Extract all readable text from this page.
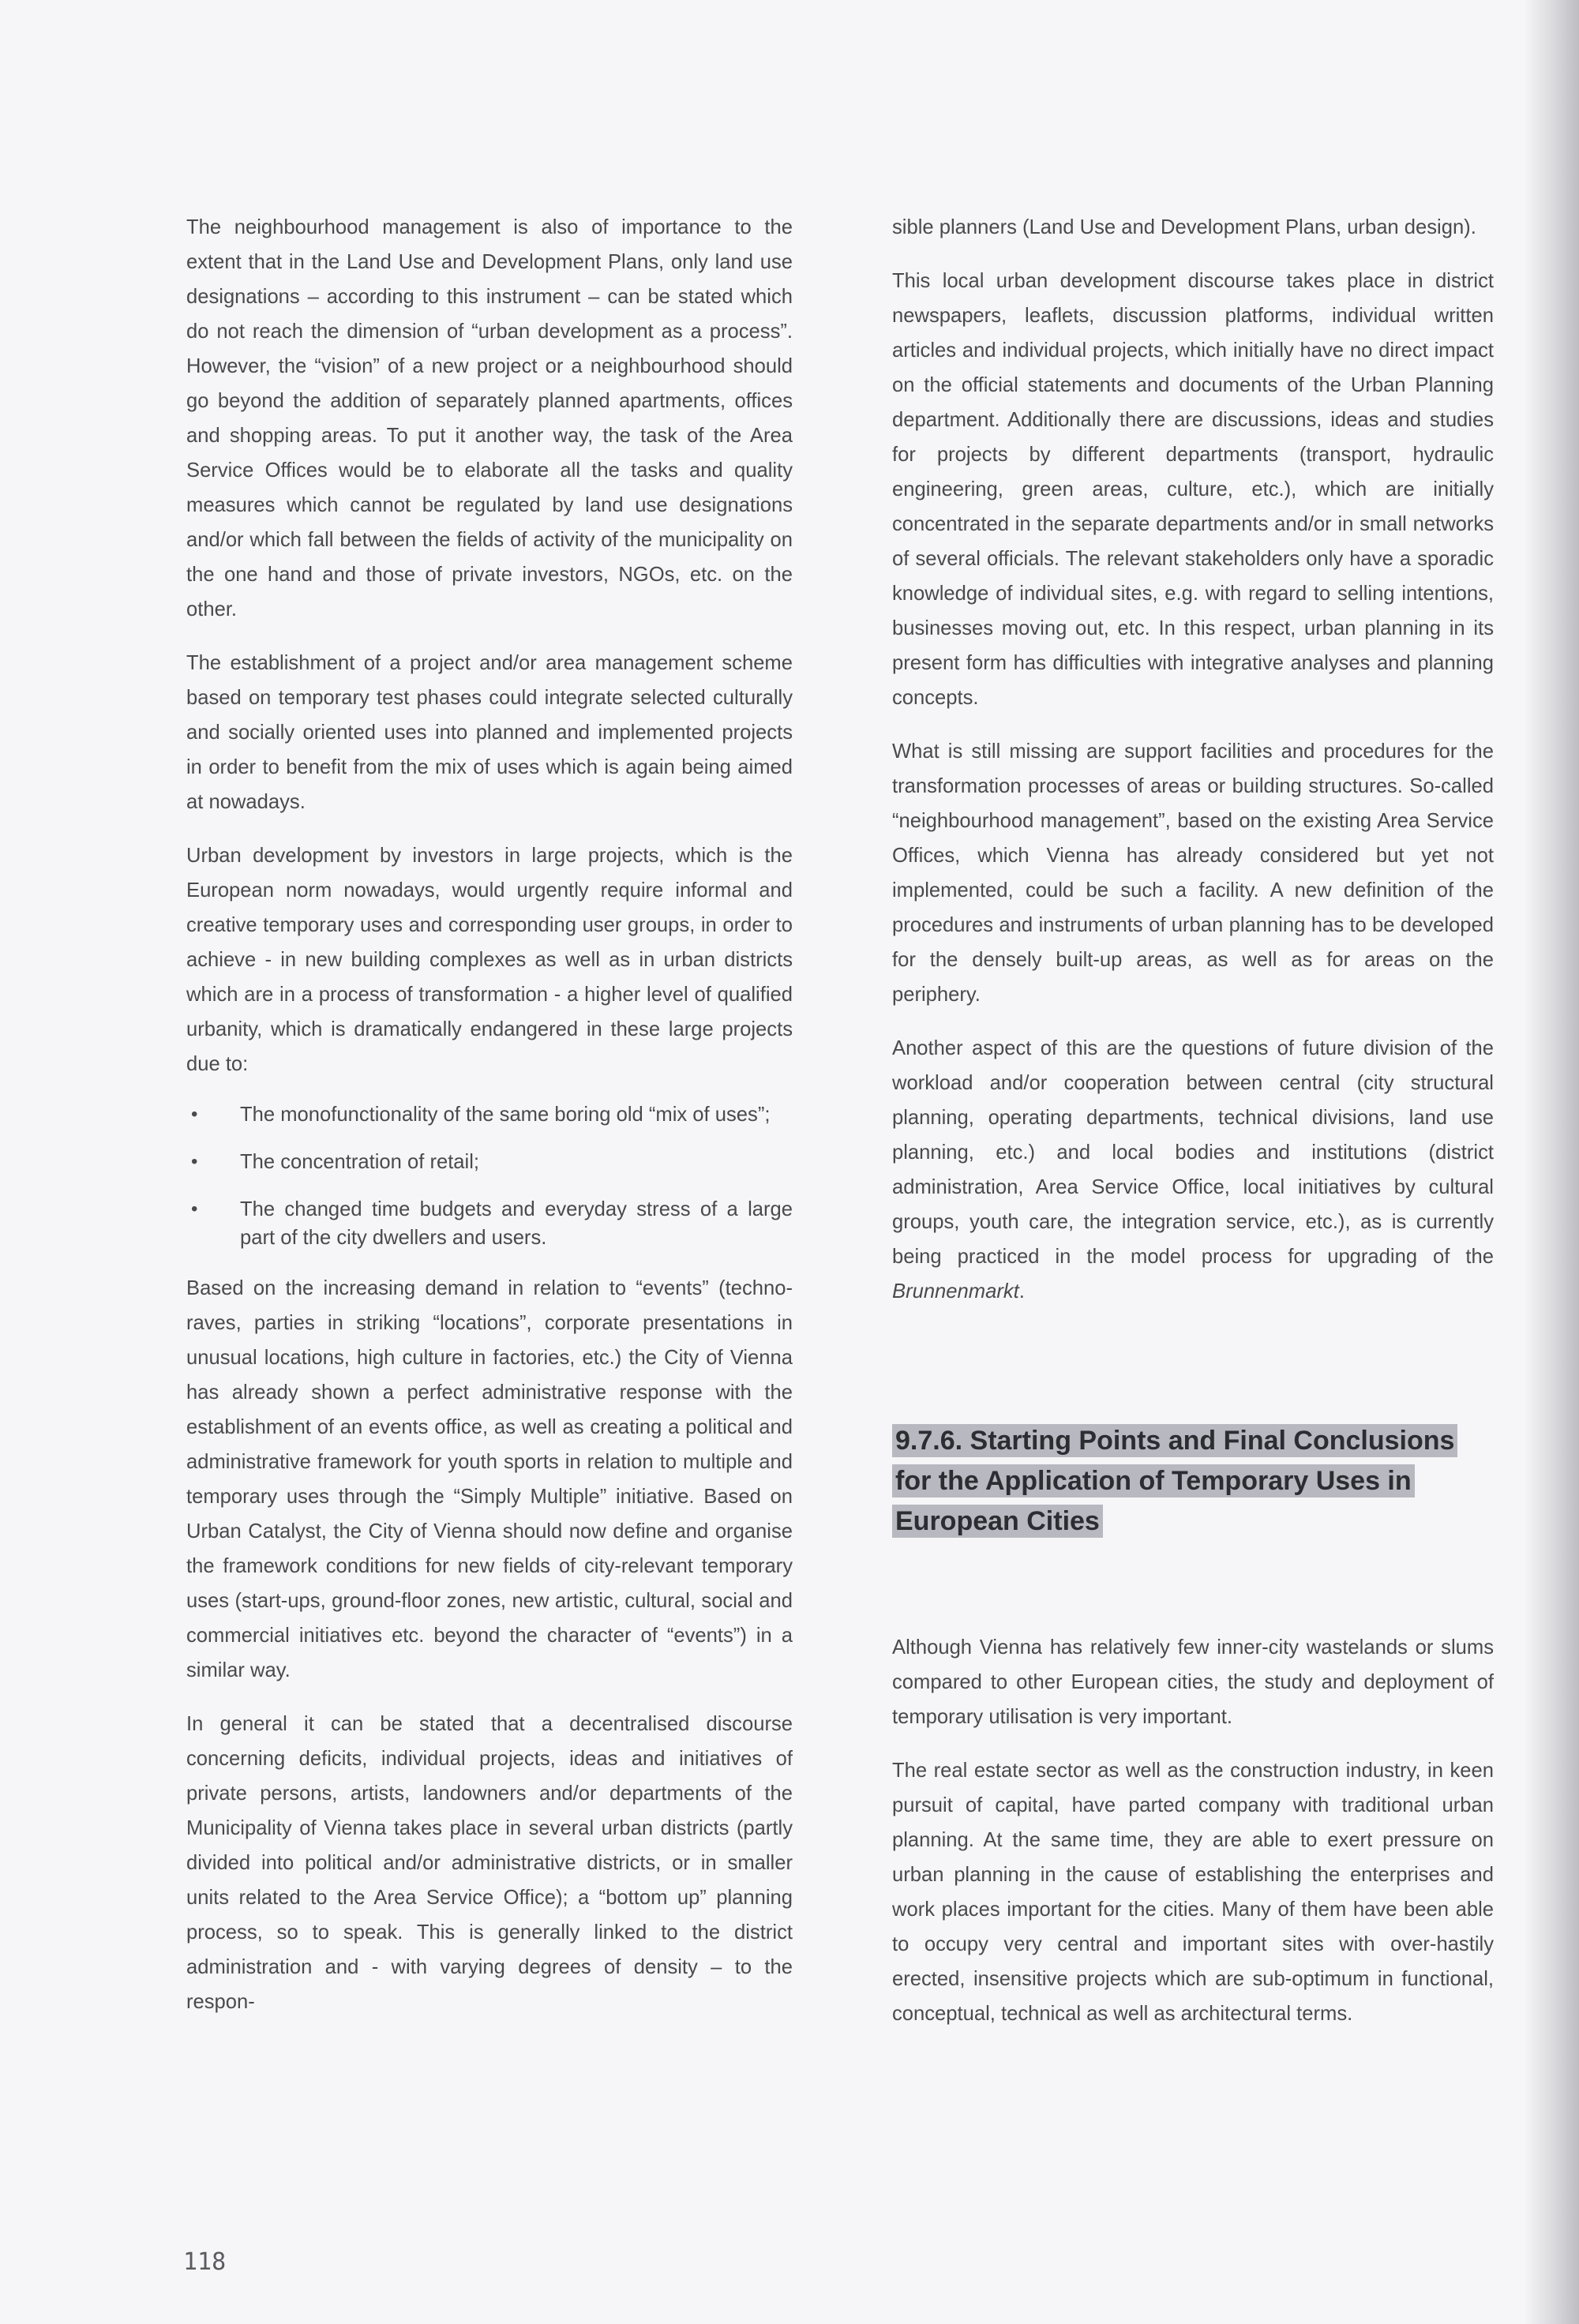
The neighbourhood management is also of importance to the extent that in the Land Use and Development Plans, only land use designations – according to this instrument – can be stated which do not reach the dimension of “urban development as a process”. However, the “vision” of a new project or a neighbourhood should go beyond the addition of separately planned apartments, offices and shopping areas. To put it another way, the task of the Area Service Offices would be to elaborate all the tasks and quality measures which cannot be regulated by land use designations and/or which fall between the fields of activity of the municipality on the one hand and those of private investors, NGOs, etc. on the other.

The establishment of a project and/or area management scheme based on temporary test phases could integrate selected culturally and socially oriented uses into planned and implemented projects in order to benefit from the mix of uses which is again being aimed at nowadays.

Urban development by investors in large projects, which is the European norm nowadays, would urgently require informal and creative temporary uses and corresponding user groups, in order to achieve - in new building complexes as well as in urban districts which are in a process of transformation - a higher level of qualified urbanity, which is dramatically endangered in these large projects due to:

• The monofunctionality of the same boring old “mix of uses”;
• The concentration of retail;
• The changed time budgets and everyday stress of a large part of the city dwellers and users.

Based on the increasing demand in relation to “events” (techno-raves, parties in striking “locations”, corporate presentations in unusual locations, high culture in factories, etc.) the City of Vienna has already shown a perfect administrative response with the establishment of an events office, as well as creating a political and administrative framework for youth sports in relation to multiple and temporary uses through the “Simply Multiple” initiative. Based on Urban Catalyst, the City of Vienna should now define and organise the framework conditions for new fields of city-relevant temporary uses (start-ups, ground-floor zones, new artistic, cultural, social and commercial initiatives etc. beyond the character of “events”) in a similar way.

In general it can be stated that a decentralised discourse concerning deficits, individual projects, ideas and initiatives of private persons, artists, landowners and/or departments of the Municipality of Vienna takes place in several urban districts (partly divided into political and/or administrative districts, or in smaller units related to the Area Service Office); a “bottom up” planning process, so to speak. This is generally linked to the district administration and - with varying degrees of density – to the respon-

sible planners (Land Use and Development Plans, urban design).

This local urban development discourse takes place in district newspapers, leaflets, discussion platforms, individual written articles and individual projects, which initially have no direct impact on the official statements and documents of the Urban Planning department. Additionally there are discussions, ideas and studies for projects by different departments (transport, hydraulic engineering, green areas, culture, etc.), which are initially concentrated in the separate departments and/or in small networks of several officials. The relevant stakeholders only have a sporadic knowledge of individual sites, e.g. with regard to selling intentions, businesses moving out, etc. In this respect, urban planning in its present form has difficulties with integrative analyses and planning concepts.

What is still missing are support facilities and procedures for the transformation processes of areas or building structures. So-called “neighbourhood management”, based on the existing Area Service Offices, which Vienna has already considered but yet not implemented, could be such a facility. A new definition of the procedures and instruments of urban planning has to be developed for the densely built-up areas, as well as for areas on the periphery.

Another aspect of this are the questions of future division of the workload and/or cooperation between central (city structural planning, operating departments, technical divisions, land use planning, etc.) and local bodies and institutions (district administration, Area Service Office, local initiatives by cultural groups, youth care, the integration service, etc.), as is currently being practiced in the model process for upgrading of the Brunnenmarkt.

9.7.6. Starting Points and Final Conclusions for the Application of Temporary Uses in European Cities

Although Vienna has relatively few inner-city wastelands or slums compared to other European cities, the study and deployment of temporary utilisation is very important.

The real estate sector as well as the construction industry, in keen pursuit of capital, have parted company with traditional urban planning. At the same time, they are able to exert pressure on urban planning in the cause of establishing the enterprises and work places important for the cities. Many of them have been able to occupy very central and important sites with over-hastily erected, insensitive projects which are sub-optimum in functional, conceptual, technical as well as architectural terms.

118
